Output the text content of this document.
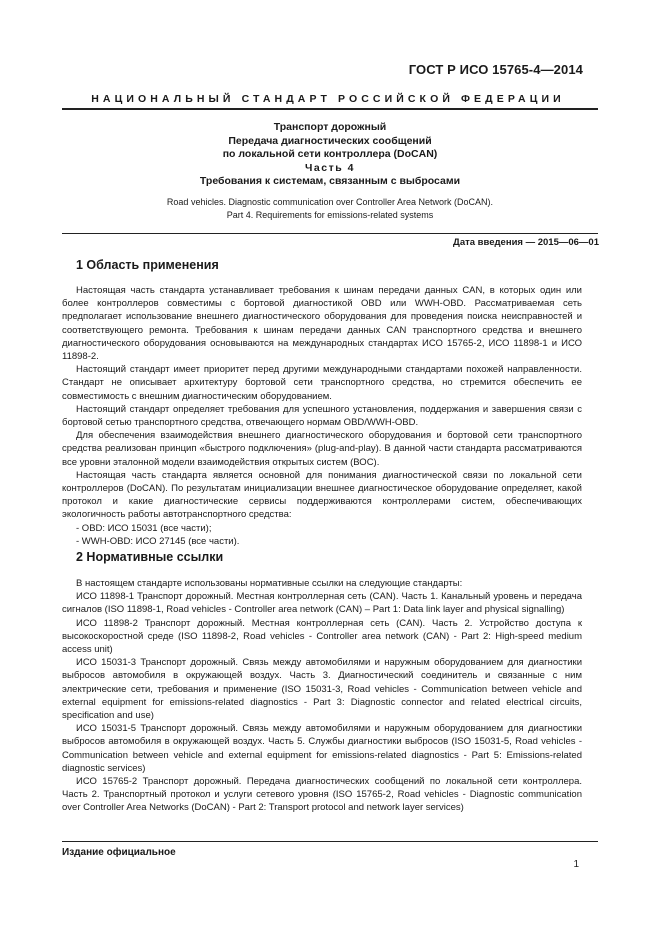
ГОСТ Р ИСО 15765-4—2014
НАЦИОНАЛЬНЫЙ СТАНДАРТ РОССИЙСКОЙ ФЕДЕРАЦИИ
Транспорт дорожный
Передача диагностических сообщений
по локальной сети контроллера (DoCAN)
Часть 4
Требования к системам, связанным с выбросами
Road vehicles. Diagnostic communication over Controller Area Network (DoCAN).
Part 4. Requirements for emissions-related systems
Дата введения — 2015—06—01
1 Область применения

Настоящая часть стандарта устанавливает требования к шинам передачи данных CAN, в которых один или более контроллеров совместимы с бортовой диагностикой OBD или WWH-OBD. Рассматриваемая сеть предполагает использование внешнего диагностического оборудования для проведения поиска неисправностей и соответствующего ремонта. Требования к шинам передачи данных CAN транспортного средства и внешнего диагностического оборудования основываются на международных стандартах ИСО 15765-2, ИСО 11898-1 и ИСО 11898-2.

Настоящий стандарт имеет приоритет перед другими международными стандартами похожей направленности. Стандарт не описывает архитектуру бортовой сети транспортного средства, но стремится обеспечить ее совместимость с внешним диагностическим оборудованием.

Настоящий стандарт определяет требования для успешного установления, поддержания и завершения связи с бортовой сетью транспортного средства, отвечающего нормам OBD/WWH-OBD.

Для обеспечения взаимодействия внешнего диагностического оборудования и бортовой сети транспортного средства реализован принцип «быстрого подключения» (plug-and-play). В данной части стандарта рассматриваются все уровни эталонной модели взаимодействия открытых систем (ВОС).

Настоящая часть стандарта является основной для понимания диагностической связи по локальной сети контроллеров (DoCAN). По результатам инициализации внешнее диагностическое оборудование определяет, какой протокол и какие диагностические сервисы поддерживаются контроллерами систем, обеспечивающих экологичность работы автотранспортного средства:

- OBD: ИСО 15031 (все части);

- WWH-OBD: ИСО 27145 (все части).

2 Нормативные ссылки

В настоящем стандарте использованы нормативные ссылки на следующие стандарты:

ИСО 11898-1 Транспорт дорожный. Местная контроллерная сеть (CAN). Часть 1. Канальный уровень и передача сигналов (ISO 11898-1, Road vehicles - Controller area network (CAN) – Part 1: Data link layer and physical signalling)

ИСО 11898-2 Транспорт дорожный. Местная контроллерная сеть (CAN). Часть 2. Устройство доступа к высокоскоростной среде (ISO 11898-2, Road vehicles - Controller area network (CAN) - Part 2: High-speed medium access unit)

ИСО 15031-3 Транспорт дорожный. Связь между автомобилями и наружным оборудованием для диагностики выбросов автомобиля в окружающей воздух. Часть 3. Диагностический соединитель и связанные с ним электрические сети, требования и применение (ISO 15031-3, Road vehicles - Communication between vehicle and external equipment for emissions-related diagnostics - Part 3: Diagnostic connector and related electrical circuits, specification and use)

ИСО 15031-5 Транспорт дорожный. Связь между автомобилями и наружным оборудованием для диагностики выбросов автомобиля в окружающей воздух. Часть 5. Службы диагностики выбросов (ISO 15031-5, Road vehicles - Communication between vehicle and external equipment for emissions-related diagnostics - Part 5: Emissions-related diagnostic services)

ИСО 15765-2 Транспорт дорожный. Передача диагностических сообщений по локальной сети контроллера. Часть 2. Транспортный протокол и услуги сетевого уровня (ISO 15765-2, Road vehicles - Diagnostic communication over Controller Area Networks (DoCAN) - Part 2: Transport protocol and network layer services)

Издание официальное
1
